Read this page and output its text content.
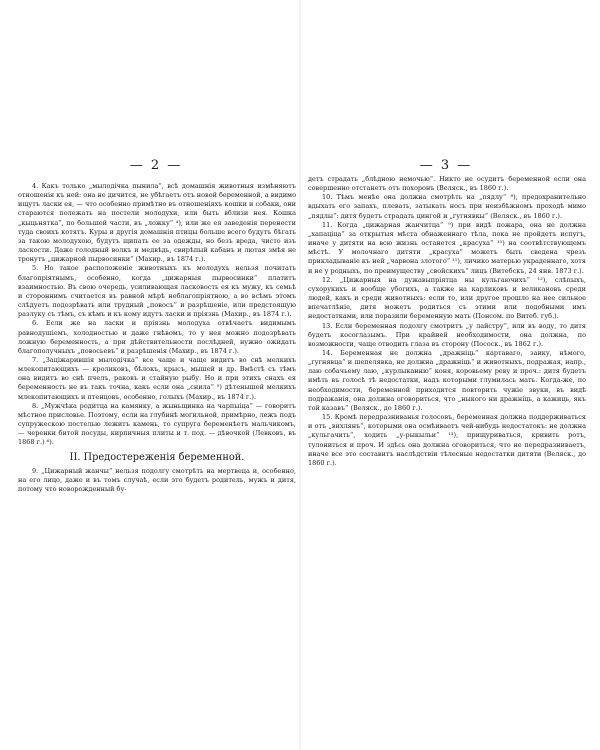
— 2 —

4. Какъ только „мылодічка пынила“, всѣ домашнія животныя измѣняютъ отношенія къ ней: она не дичится, не убѣгаетъ отъ новой беременной, а видимо ищутъ ласки ея, — что особенно примѣтно въ отношеніяхъ кошки и собаки, они стараются полежать на постели молодухи, или быть вблизи нея. Кошка „кыцьнятка“, по большей части, въ „ложку“ ⁴), или же ея заведенія перенести туда своихъ котятъ. Куры и другія домашнія птицы больше всего будутъ бѣгать за такою молодухою, будутъ щипать ее за одежды, но безъ вреда, чисто изъ ласкости. Даже голодный волкъ и медвѣдь, свирѣпый кабанъ и лютая змѣя не тронутъ „цижарной пырвосинки“ (Махир., въ 1874 г.).

5. Но такое расположеніе животныхъ къ молодухъ нельзя почитать благопріятнымъ, особенно, когда „цижарныя пырвосинки“ платитъ взаимностью. Въ свою очередь, усиливающая ласковость ея къ мужу, къ семьѣ и стороннимъ считается въ равной мѣрѣ неблагопріятною, а во всѣмъ этомъ слѣдуетъ подозрѣвать или трудный „повосъ“ и разрѣшеніе, или предстоящую разлуку съ тѣмъ, съ кѣмъ и къ кому идутъ ласки и пріязнь (Махир., въ 1874 г.).

6. Если же на ласки и пріязнь молодуха отвѣчаетъ видимымъ равнодушіемъ, холодностью и даже гнѣвомъ, то у нея можно подозрѣвать ложную беременность, а при дѣйствительности послѣдней, нужно ожидать благополучныхъ „повосьевъ“ и разрѣшенія (Махир., въ 1874 г.).

7. „Заціжарившія мылодічка“ все чаще и чаще видитъ во снѣ мелкихъ млекопитающихъ — кроликовъ, бѣлокъ, крысъ, мышей и др. Вмѣстѣ съ тѣмъ она видитъ во снѣ пчелъ, раковъ и стайную рыбу. Но и при этихъ снахъ ея беременность не въ такъ точна, какъ если она „снила“ ⁵) дѣтенышей мелкихъ млекопитающихъ и птенцовъ, особенно, голыхъ (Махир., въ 1874 г.).

8. „Мужчѣка родитца на камянку, а жыньщинка на чарпыіца“ — говоритъ мѣстное присловье. Поэтому, если на глубинѣ могильной, примѣрно, лежъ подъ супружескою постелью лежитъ камень, то супруга беременѣетъ мальчикомъ, — черенки битой посуды, кирпичныя плиты и т. под. — дѣвочкой (Левковъ, въ 1868 г.) ⁶).

II. Предостереженія беременной.

9. „Цижарный жанчы“ нельзя подолгу смотрѣть на мертвеца и, особенно, на его лицо, даже и въ томъ случаѣ, если это будетъ родитель, мужъ и дитя, потому что новорожденный бу-

— 3 —

детъ страдать „блѣдною немочью“. Никто не осудитъ беременной если она совершенно отстанетъ отъ похоронъ (Веляск., въ 1860 г.).

10. Тѣмъ менѣе она должна смотрѣть на „пядлу“ ⁸), предохранительно вдыхать его запахъ, плевать, затыкать носъ при неизбѣжномъ проходѣ мимо „пядлы“: дитя будетъ страдать цингой и „гугнявкы“ (Веляск., въ 1860 г.).

11. Когда „цижарная жанчитца“ ⁹) при видѣ пожара, она не должна „хапаціца“ за открытыя мѣста обнаженнаго тѣла, пока не пройдетъ испугъ, иначе у дитяти на всю жизнь останется „красуха“ ¹⁰) на соотвѣтствующемъ мѣстѣ. У молочнаго дитяти „красуха“ можетъ быть сведена чрезъ прикладываніе къ ней „чарвона злотого“ ¹¹), личико матерью украденнаго, хотя и не у родныхъ, по преимуществу „свойскихъ“ лицъ (Витебскъ, 24 янв. 1873 г.).

12. „Цижарныя на дужавыпріятца ны кульгаючихъ“ ¹²), слѣпыхъ, сухорукихъ и вообще убогихъ, а также на карликовъ и великановъ среди людей, какъ и среди животныхъ: если то, или другое прошло на нее сильное впечатлѣніе, дитя можетъ родиться съ этими или подобными имъ недостатками, или поразили беременную мать (Понсом. по Витеб. губ.).

13. Если беременная подолгу смотритъ „у лайстру“, или въ воду, то дитя будетъ косоглазымъ. При крайней необходимости, она должна, по возможности, чаще отводить глаза въ сторону (Пососк., въ 1862 г.).

14. Беременная не должна „дражніць“ картаваго, заику, нѣмого, „гугнявца“ и шепелявка, не должна „дражніць“ и животныхъ, подражая, напр., лаю собачьему лаю, „курлыканню“ коня, коровьему реву и проч.: дитя будетъ имѣть въ голосѣ тѣ недостатки, надъ которыми глумилась мать. Когда-же, по необходимости, беременной приходится повторить чужіе звуки, въ видѣ подражанія, она должна оговориться, что „ныкого ни дражніць, а кажиць, якъ той казавъ“ (Веляск., до 1860 г.).

15. Кромѣ передразниванья голосовъ, беременная должна поддерживаться и отъ „вихлянъ“, которыми она осмѣиваетъ чей-нибудь недостатокъ: не должна „кульгачить“, ходить „у-рыкыльи“ ¹³), прищуриваться, кривить ротъ, тулониться и проч. И здѣсь она должна оговориться, что не передразниваетъ, иначе все это составитъ наслѣдствіи тѣлесные недостатки дитяти (Веляск., до 1860 г.).
